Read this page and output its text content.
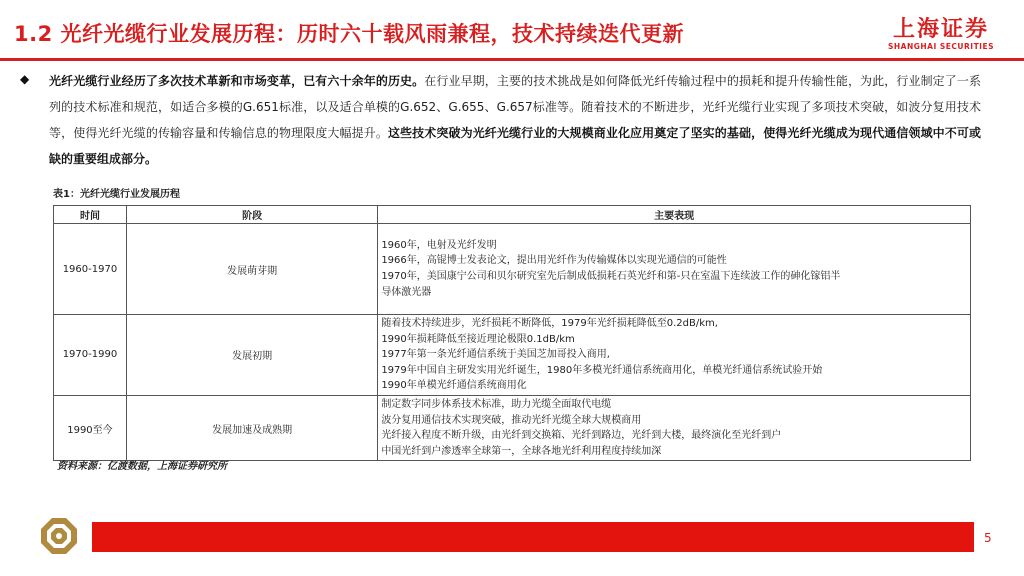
1.2 光纤光缆行业发展历程：历时六十载风雨兼程，技术持续迭代更新	上海证券
SHANGHAI SECURITIES
◆ 光纤光缆行业经历了多次技术革新和市场变革，已有六十余年的历史。在行业早期，主要的技术挑战是如何降低光纤传输过程中的损耗和提升传输性能，为此，行业制定了一系列的技术标准和规范，如适合多模的G.651标准，以及适合单模的G.652、G.655、G.657标准等。随着技术的不断进步，光纤光缆行业实现了多项技术突破，如波分复用技术等，使得光纤光缆的传输容量和传输信息的物理限度大幅提升。这些技术突破为光纤光缆行业的大规模商业化应用奠定了坚实的基础，使得光纤光缆成为现代通信领域中不可或缺的重要组成部分。
表1：光纤光缆行业发展历程
时间	阶段	主要表现
1960-1970	发展萌芽期	1960年，电射及光纤发明
1966年，高锟博士发表论文，提出用光纤作为传输媒体以实现光通信的可能性
1970年，美国康宁公司和贝尔研究室先后制成低损耗石英光纤和第-只在室温下连续波工作的砷化镓铝半
导体激光器

1970-1990	发展初期	随着技术持续进步，光纤损耗不断降低，1979年光纤损耗降低至0.2dB/km,
1990年损耗降低至接近理论极限0.1dB/km
1977年第一条光纤通信系统于美国芝加哥投入商用,
1979年中国自主研发实用光纤诞生，1980年多模光纤通信系统商用化，单模光纤通信系统试验开始
1990年单模光纤通信系统商用化

1990至今	发展加速及成熟期	制定数字同步体系技术标准，助力光缆全面取代电缆
波分复用通信技术实现突破，推动光纤光缆全球大规模商用
光纤接入程度不断升级，由光纤到交换箱、光纤到路边，光纤到大楼，最终演化至光纤到户
中国光纤到户渗透率全球第一，全球各地光纤利用程度持续加深
资料来源：亿渡数据，上海证券研究所
5
